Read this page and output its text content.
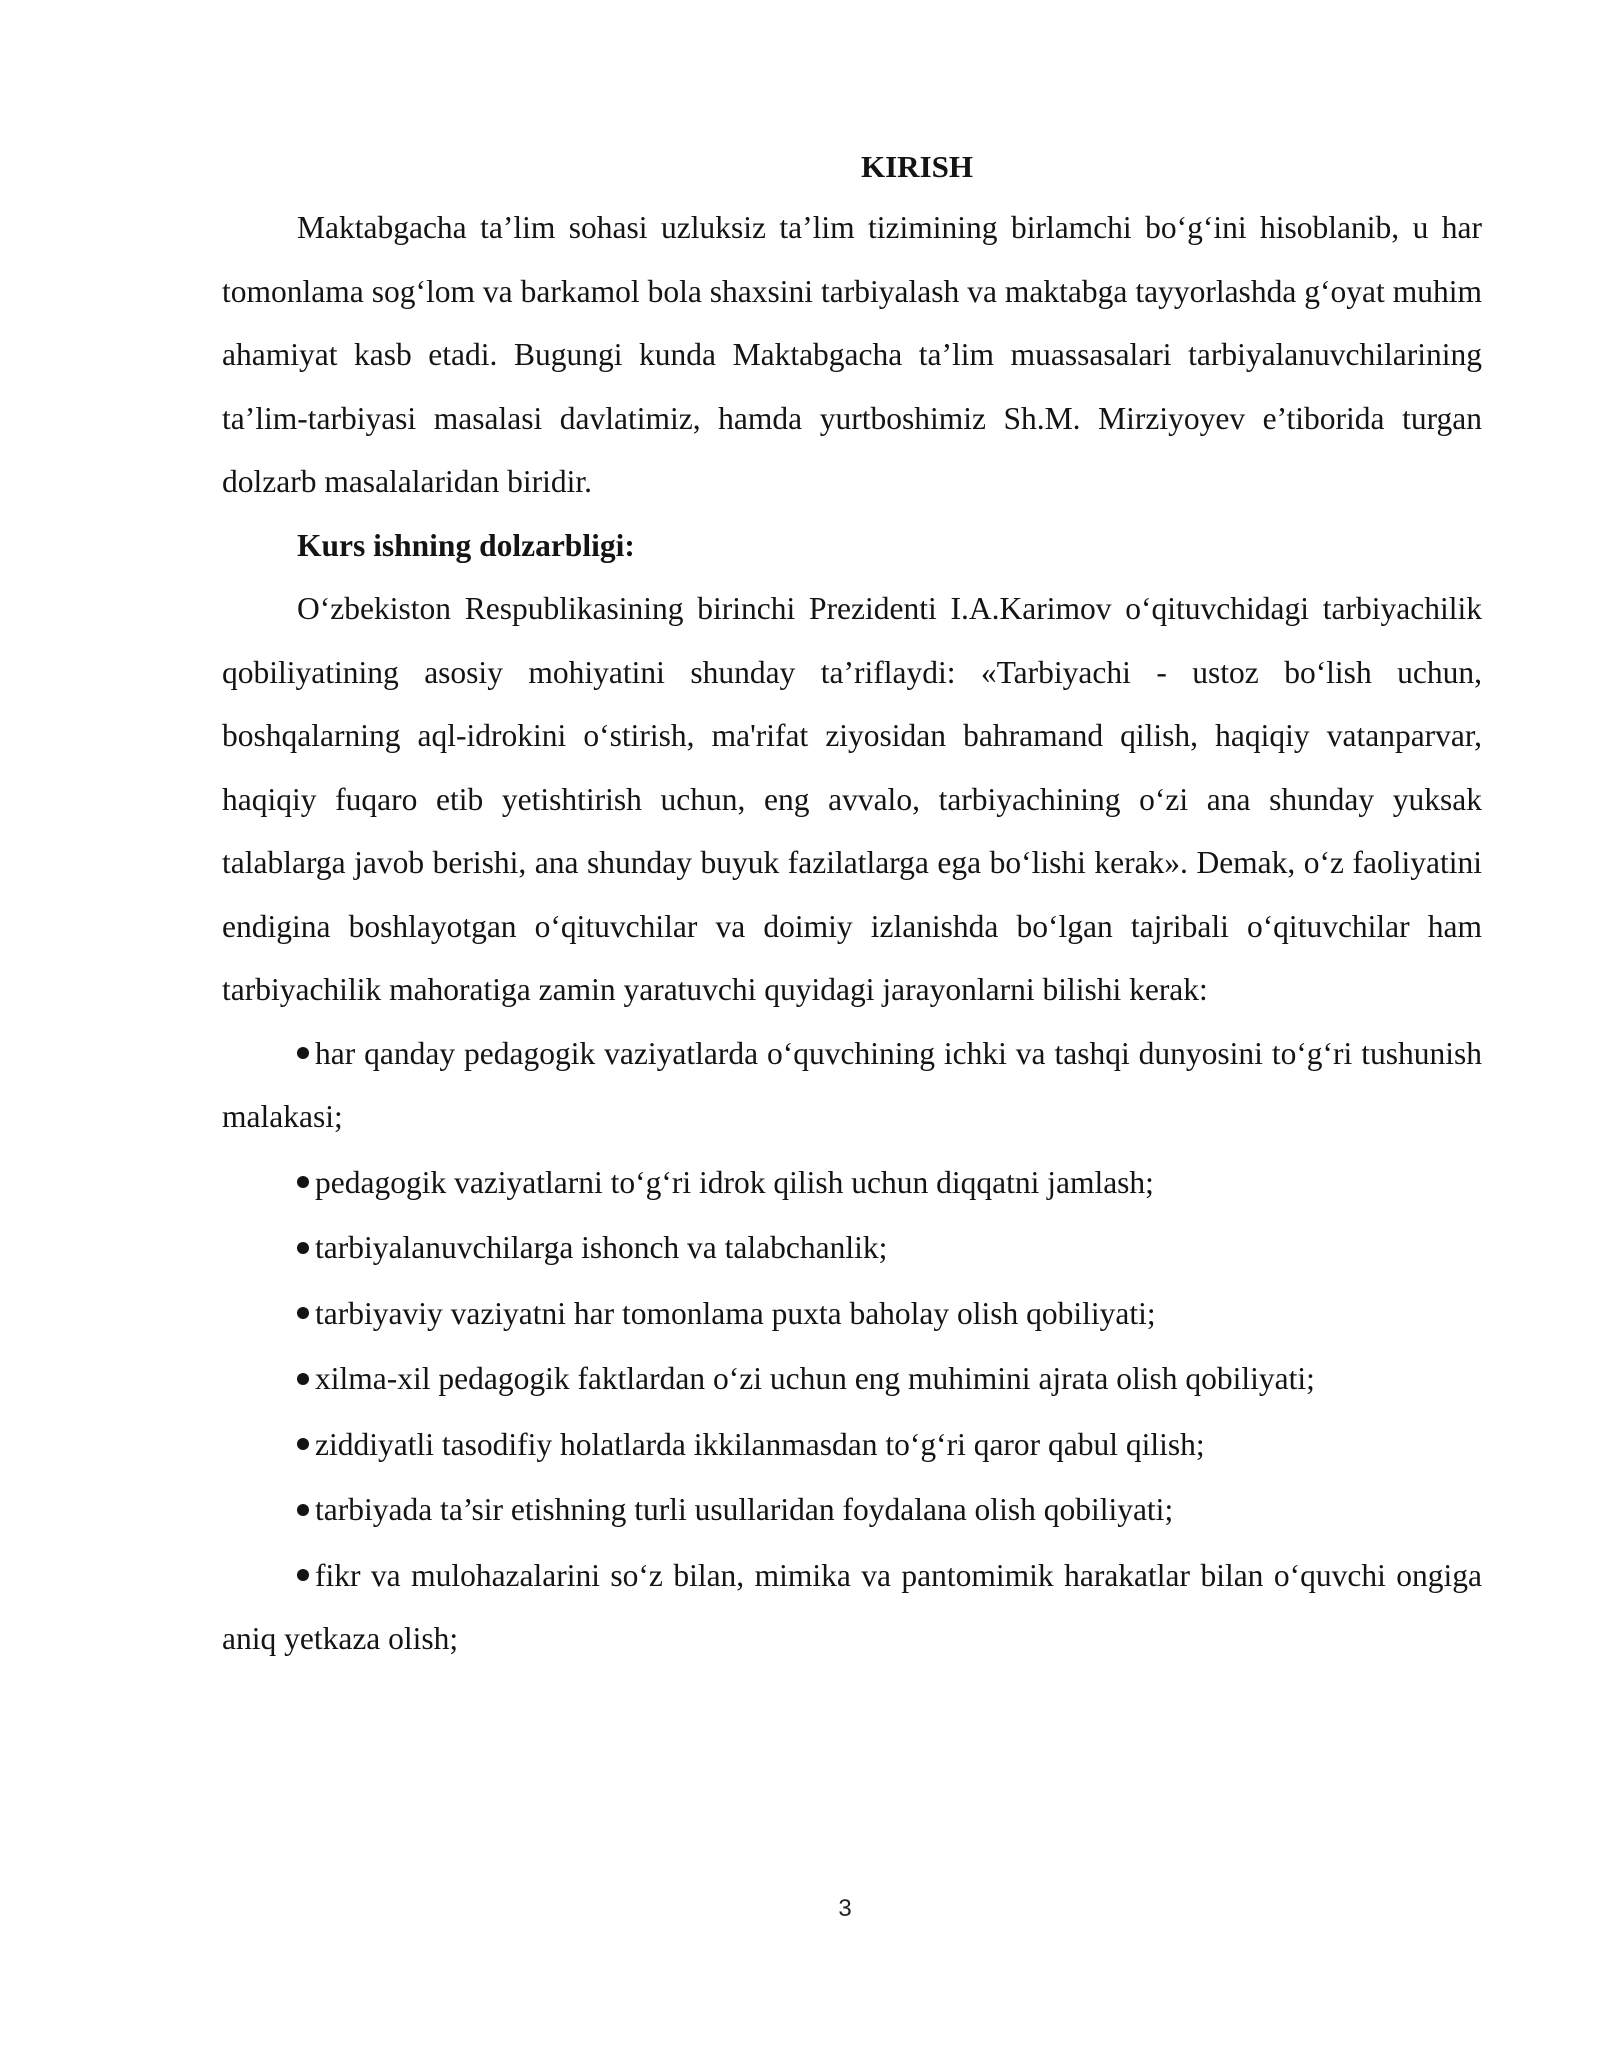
KIRISH

Maktabgacha ta’lim sohasi uzluksiz ta’lim tizimining birlamchi bo‘g‘ini hisoblanib, u har tomonlama sog‘lom va barkamol bola shaxsini tarbiyalash va maktabga tayyorlashda g‘oyat muhim ahamiyat kasb etadi. Bugungi kunda Maktabgacha ta’lim muassasalari tarbiyalanuvchilarining ta’lim-tarbiyasi masalasi davlatimiz, hamda yurtboshimiz Sh.M. Mirziyoyev e’tiborida turgan dolzarb masalalaridan biridir.

Kurs ishning dolzarbligi:

O‘zbekiston Respublikasining birinchi Prezidenti I.A.Karimov o‘qituvchidagi tarbiyachilik qobiliyatining asosiy mohiyatini shunday ta’riflaydi: «Tarbiyachi - ustoz bo‘lish uchun, boshqalarning aql-idrokini o‘stirish, ma'rifat ziyosidan bahramand qilish, haqiqiy vatanparvar, haqiqiy fuqaro etib yetishtirish uchun, eng avvalo, tarbiyachining o‘zi ana shunday yuksak talablarga javob berishi, ana shunday buyuk fazilatlarga ega bo‘lishi kerak». Demak, o‘z faoliyatini endigina boshlayotgan o‘qituvchilar va doimiy izlanishda bo‘lgan tajribali o‘qituvchilar ham tarbiyachilik mahoratiga zamin yaratuvchi quyidagi jarayonlarni bilishi kerak:

har qanday pedagogik vaziyatlarda o‘quvchining ichki va tashqi dunyosini to‘g‘ri tushunish malakasi;
pedagogik vaziyatlarni to‘g‘ri idrok qilish uchun diqqatni jamlash;
tarbiyalanuvchilarga ishonch va talabchanlik;
tarbiyaviy vaziyatni har tomonlama puxta baholay olish qobiliyati;
xilma-xil pedagogik faktlardan o‘zi uchun eng muhimini ajrata olish qobiliyati;
ziddiyatli tasodifiy holatlarda ikkilanmasdan to‘g‘ri qaror qabul qilish;
tarbiyada ta’sir etishning turli usullaridan foydalana olish qobiliyati;
fikr va mulohazalarini so‘z bilan, mimika va pantomimik harakatlar bilan o‘quvchi ongiga aniq yetkaza olish;
3
